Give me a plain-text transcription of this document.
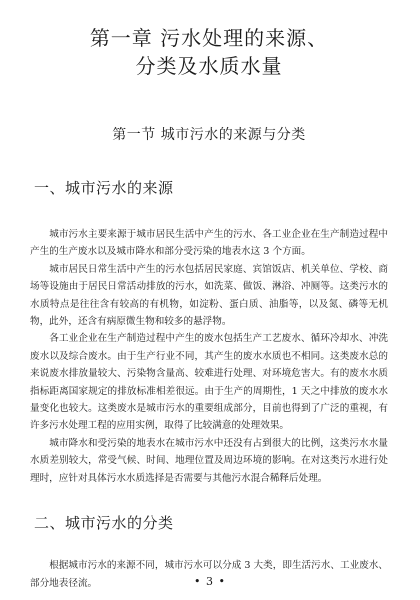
第一章 污水处理的来源、
分类及水质水量
第一节 城市污水的来源与分类
一、城市污水的来源

城市污水主要来源于城市居民生活中产生的污水、各工业企业在生产制造过程中产生的生产废水以及城市降水和部分受污染的地表水这 3 个方面。

城市居民日常生活中产生的污水包括居民家庭、宾馆饭店、机关单位、学校、商场等设施由于居民日常活动排放的污水，如洗菜、做饭、淋浴、冲厕等。这类污水的水质特点是往往含有较高的有机物，如淀粉、蛋白质、油脂等，以及氮、磷等无机物，此外，还含有病原微生物和较多的悬浮物。

各工业企业在生产制造过程中产生的废水包括生产工艺废水、循环冷却水、冲洗废水以及综合废水。由于生产行业不同，其产生的废水水质也不相同。这类废水总的来说废水排放量较大、污染物含量高、较难进行处理、对环境危害大。有的废水水质指标距离国家规定的排放标准相差很远。由于生产的周期性，1 天之中排放的废水水量变化也较大。这类废水是城市污水的重要组成部分，目前也得到了广泛的重视，有许多污水处理工程的应用实例，取得了比较满意的处理效果。

城市降水和受污染的地表水在城市污水中还没有占到很大的比例，这类污水水量水质差别较大，常受气候、时间、地理位置及周边环境的影响。在对这类污水进行处理时，应针对具体污水水质选择是否需要与其他污水混合稀释后处理。

二、城市污水的分类

根据城市污水的来源不同，城市污水可以分成 3 大类，即生活污水、工业废水、部分地表径流。	• 3 •
